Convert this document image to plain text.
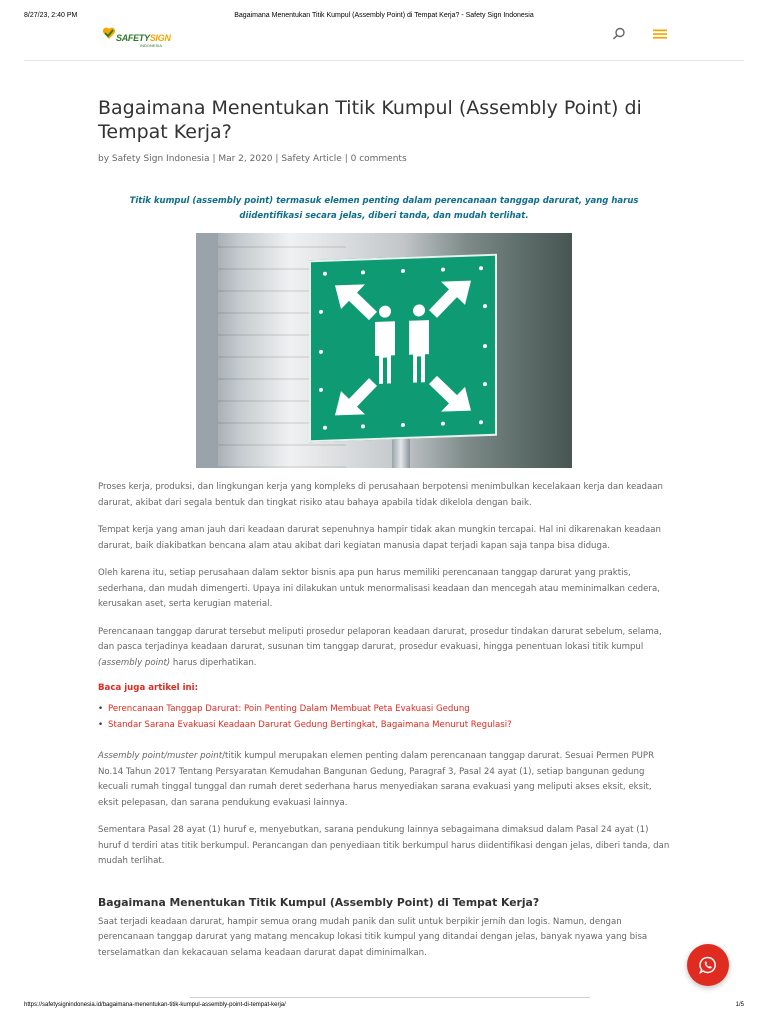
8/27/23, 2:40 PM	Bagaimana Menentukan Titik Kumpul (Assembly Point) di Tempat Kerja? - Safety Sign Indonesia
SAFETYSIGN
INDONESIA
Bagaimana Menentukan Titik Kumpul (Assembly Point) di Tempat Kerja?
by Safety Sign Indonesia | Mar 2, 2020 | Safety Article | 0 comments
Titik kumpul (assembly point) termasuk elemen penting dalam perencanaan tanggap darurat, yang harus diidentifikasi secara jelas, diberi tanda, dan mudah terlihat.

Proses kerja, produksi, dan lingkungan kerja yang kompleks di perusahaan berpotensi menimbulkan kecelakaan kerja dan keadaan darurat, akibat dari segala bentuk dan tingkat risiko atau bahaya apabila tidak dikelola dengan baik.

Tempat kerja yang aman jauh dari keadaan darurat sepenuhnya hampir tidak akan mungkin tercapai. Hal ini dikarenakan keadaan darurat, baik diakibatkan bencana alam atau akibat dari kegiatan manusia dapat terjadi kapan saja tanpa bisa diduga.

Oleh karena itu, setiap perusahaan dalam sektor bisnis apa pun harus memiliki perencanaan tanggap darurat yang praktis, sederhana, dan mudah dimengerti. Upaya ini dilakukan untuk menormalisasi keadaan dan mencegah atau meminimalkan cedera, kerusakan aset, serta kerugian material.

Perencanaan tanggap darurat tersebut meliputi prosedur pelaporan keadaan darurat, prosedur tindakan darurat sebelum, selama, dan pasca terjadinya keadaan darurat, susunan tim tanggap darurat, prosedur evakuasi, hingga penentuan lokasi titik kumpul (assembly point) harus diperhatikan.

Baca juga artikel ini:
• Perencanaan Tanggap Darurat: Poin Penting Dalam Membuat Peta Evakuasi Gedung
• Standar Sarana Evakuasi Keadaan Darurat Gedung Bertingkat, Bagaimana Menurut Regulasi?

Assembly point/muster point/titik kumpul merupakan elemen penting dalam perencanaan tanggap darurat. Sesuai Permen PUPR No.14 Tahun 2017 Tentang Persyaratan Kemudahan Bangunan Gedung, Paragraf 3, Pasal 24 ayat (1), setiap bangunan gedung kecuali rumah tinggal tunggal dan rumah deret sederhana harus menyediakan sarana evakuasi yang meliputi akses eksit, eksit, eksit pelepasan, dan sarana pendukung evakuasi lainnya.

Sementara Pasal 28 ayat (1) huruf e, menyebutkan, sarana pendukung lainnya sebagaimana dimaksud dalam Pasal 24 ayat (1) huruf d terdiri atas titik berkumpul. Perancangan dan penyediaan titik berkumpul harus diidentifikasi dengan jelas, diberi tanda, dan mudah terlihat.

Bagaimana Menentukan Titik Kumpul (Assembly Point) di Tempat Kerja?

Saat terjadi keadaan darurat, hampir semua orang mudah panik dan sulit untuk berpikir jernih dan logis. Namun, dengan perencanaan tanggap darurat yang matang mencakup lokasi titik kumpul yang ditandai dengan jelas, banyak nyawa yang bisa terselamatkan dan kekacauan selama keadaan darurat dapat diminimalkan.

https://safetysignindonesia.id/bagaimana-menentukan-titik-kumpul-assembly-point-di-tempat-kerja/	1/5
